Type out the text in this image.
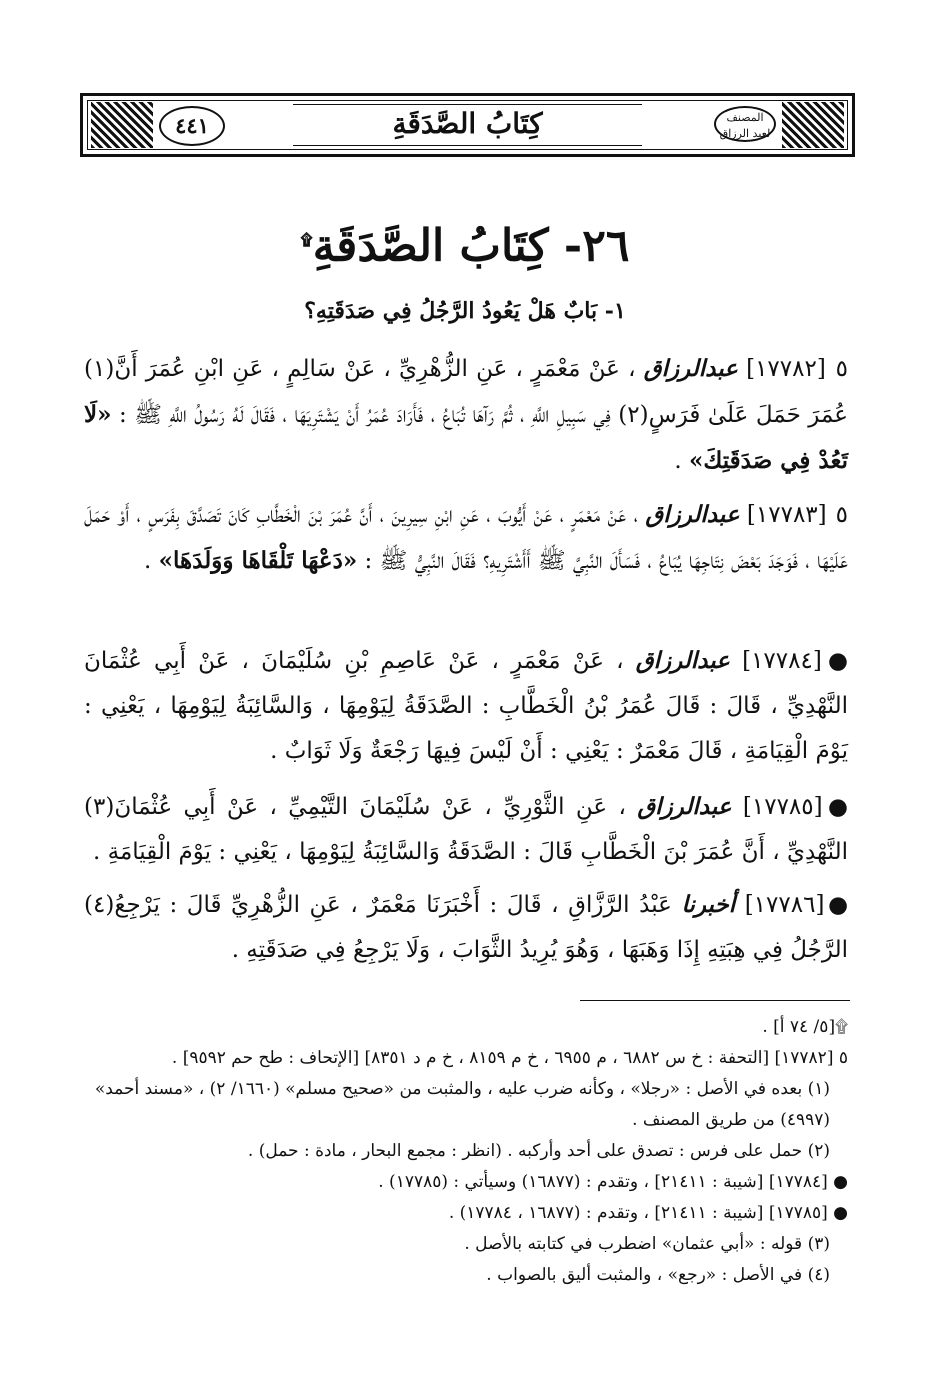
٤٤١	المصنف لعبد الرزاق
كِتَابُ الصَّدَقَةِ
٢٦- كِتَابُ الصَّدَقَةِ۩
١- بَابٌ هَلْ يَعُودُ الرَّجُلُ فِي صَدَقَتِهِ؟
٥ [١٧٧٨٢] عبدالرزاق ، عَنْ مَعْمَرٍ ، عَنِ الزُّهْرِيِّ ، عَنْ سَالِمٍ ، عَنِ ابْنِ عُمَرَ أَنَّ(١) عُمَرَ حَمَلَ عَلَىٰ فَرَسٍ(٢) فِي سَبِيلِ اللَّهِ ، ثُمَّ رَآهَا تُبَاعُ ، فَأَرَادَ عُمَرُ أَنْ يَشْتَرِيَهَا ، فَقَالَ لَهُ رَسُولُ اللَّهِ ﷺ : «لَا تَعُدْ فِي صَدَقَتِكَ» .
٥ [١٧٧٨٣] عبدالرزاق ، عَنْ مَعْمَرٍ ، عَنْ أَيُّوبَ ، عَنِ ابْنِ سِيرِينَ ، أَنَّ عُمَرَ بْنَ الْخَطَّابِ كَانَ تَصَدَّقَ بِفَرَسٍ ، أَوْ حَمَلَ عَلَيْهَا ، فَوَجَدَ بَعْضَ نِتَاجِهَا يُبَاعُ ، فَسَأَلَ النَّبِيَّ ﷺ أَأَشْتَرِيهِ؟ فَقَالَ النَّبِيُّ ﷺ : «دَعْهَا تَلْقَاهَا وَوَلَدَهَا» .
● [١٧٧٨٤] عبدالرزاق ، عَنْ مَعْمَرٍ ، عَنْ عَاصِمِ بْنِ سُلَيْمَانَ ، عَنْ أَبِي عُثْمَانَ النَّهْدِيِّ ، قَالَ : قَالَ عُمَرُ بْنُ الْخَطَّابِ : الصَّدَقَةُ لِيَوْمِهَا ، وَالسَّائِبَةُ لِيَوْمِهَا ، يَعْنِي : يَوْمَ الْقِيَامَةِ ، قَالَ مَعْمَرٌ : يَعْنِي : أَنْ لَيْسَ فِيهَا رَجْعَةٌ وَلَا ثَوَابٌ .
● [١٧٧٨٥] عبدالرزاق ، عَنِ الثَّوْرِيِّ ، عَنْ سُلَيْمَانَ التَّيْمِيِّ ، عَنْ أَبِي عُثْمَانَ(٣) النَّهْدِيِّ ، أَنَّ عُمَرَ بْنَ الْخَطَّابِ قَالَ : الصَّدَقَةُ وَالسَّائِبَةُ لِيَوْمِهَا ، يَعْنِي : يَوْمَ الْقِيَامَةِ .
● [١٧٧٨٦] أخبرنا عَبْدُ الرَّزَّاقِ ، قَالَ : أَخْبَرَنَا مَعْمَرٌ ، عَنِ الزُّهْرِيِّ قَالَ : يَرْجِعُ(٤) الرَّجُلُ فِي هِبَتِهِ إِذَا وَهَبَهَا ، وَهُوَ يُرِيدُ الثَّوَابَ ، وَلَا يَرْجِعُ فِي صَدَقَتِهِ .

۩[٥/ ٧٤ أ] .

٥ [١٧٧٨٢] [التحفة : خ س ٦٨٨٢ ، م ٦٩٥٥ ، خ م ٨١٥٩ ، خ م د ٨٣٥١] [الإتحاف : طح حم ٩٥٩٢] .

(١) بعده في الأصل : «رجلا» ، وكأنه ضرب عليه ، والمثبت من «صحيح مسلم» (١٦٦٠/ ٢) ، «مسند أحمد» (٤٩٩٧) من طريق المصنف .

(٢) حمل على فرس : تصدق على أحد وأركبه . (انظر : مجمع البحار ، مادة : حمل) .

● [١٧٧٨٤] [شيبة : ٢١٤١١] ، وتقدم : (١٦٨٧٧) وسيأتي : (١٧٧٨٥) .

● [١٧٧٨٥] [شيبة : ٢١٤١١] ، وتقدم : (١٦٨٧٧ ، ١٧٧٨٤) .

(٣) قوله : «أبي عثمان» اضطرب في كتابته بالأصل .

(٤) في الأصل : «رجع» ، والمثبت أليق بالصواب .
